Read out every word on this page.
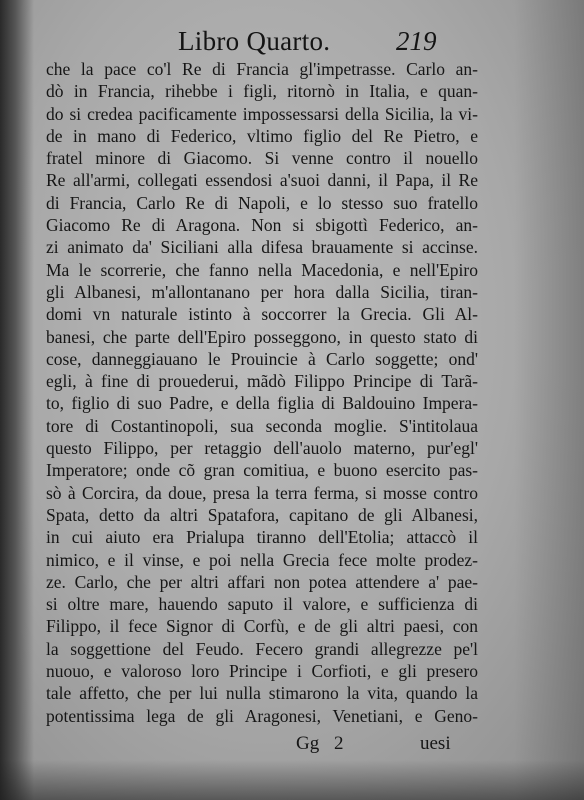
Libro Quarto. 219
che la pace co'l Re di Francia gl'impetrasse. Carlo an-
dò in Francia, rihebbe i figli, ritornò in Italia, e quan-
do si credea pacificamente impossessarsi della Sicilia, la vi-
de in mano di Federico, vltimo figlio del Re Pietro, e
fratel minore di Giacomo. Si venne contro il nouello
Re all'armi, collegati essendosi a'suoi danni, il Papa, il Re
di Francia, Carlo Re di Napoli, e lo stesso suo fratello
Giacomo Re di Aragona. Non si sbigottì Federico, an-
zi animato da' Siciliani alla difesa brauamente si accinse.
Ma le scorrerie, che fanno nella Macedonia, e nell'Epiro
gli Albanesi, m'allontanano per hora dalla Sicilia, tiran-
domi vn naturale istinto à soccorrer la Grecia. Gli Al-
banesi, che parte dell'Epiro posseggono, in questo stato di
cose, danneggiauano le Prouincie à Carlo soggette; ond'
egli, à fine di prouederui, mãdò Filippo Principe di Tarã-
to, figlio di suo Padre, e della figlia di Baldouino Impera-
tore di Costantinopoli, sua seconda moglie. S'intitolaua
questo Filippo, per retaggio dell'auolo materno, pur'egl'
Imperatore; onde cõ gran comitiua, e buono esercito pas-
sò à Corcira, da doue, presa la terra ferma, si mosse contro
Spata, detto da altri Spatafora, capitano de gli Albanesi,
in cui aiuto era Prialupa tiranno dell'Etolia; attaccò il
nimico, e il vinse, e poi nella Grecia fece molte prodez-
ze. Carlo, che per altri affari non potea attendere a' pae-
si oltre mare, hauendo saputo il valore, e sufficienza di
Filippo, il fece Signor di Corfù, e de gli altri paesi, con
la soggettione del Feudo. Fecero grandi allegrezze pe'l
nuouo, e valoroso loro Principe i Corfioti, e gli presero
tale affetto, che per lui nulla stimarono la vita, quando la
potentissima lega de gli Aragonesi, Venetiani, e Geno-
Gg 2	uesi
